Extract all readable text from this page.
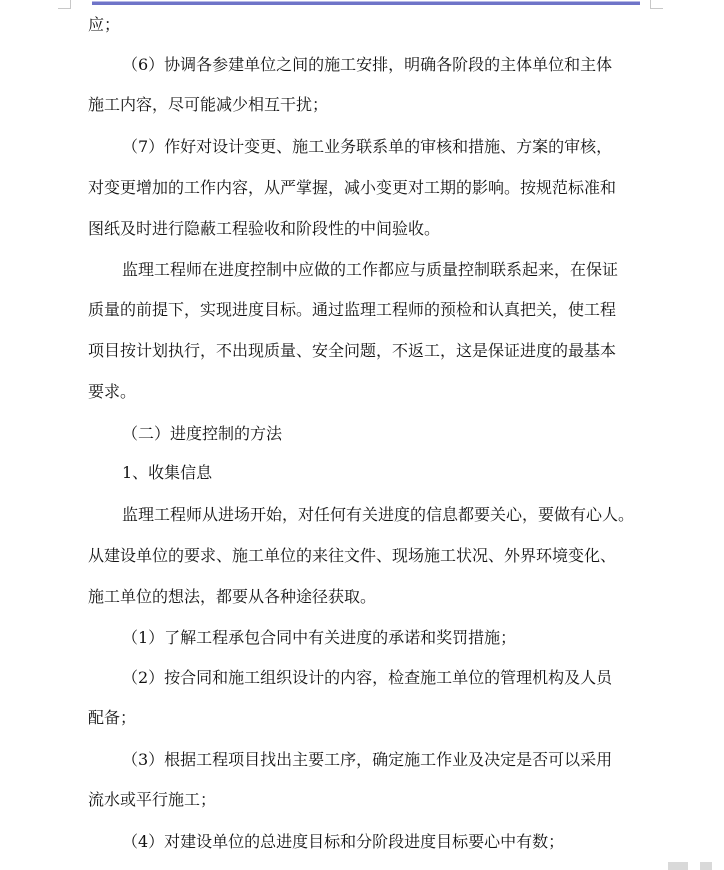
应；
（6）协调各参建单位之间的施工安排，明确各阶段的主体单位和主体
施工内容，尽可能减少相互干扰；
（7）作好对设计变更、施工业务联系单的审核和措施、方案的审核，
对变更增加的工作内容，从严掌握，减小变更对工期的影响。按规范标准和
图纸及时进行隐蔽工程验收和阶段性的中间验收。
监理工程师在进度控制中应做的工作都应与质量控制联系起来，在保证
质量的前提下，实现进度目标。通过监理工程师的预检和认真把关，使工程
项目按计划执行，不出现质量、安全问题，不返工，这是保证进度的最基本
要求。
（二）进度控制的方法
1、收集信息
监理工程师从进场开始，对任何有关进度的信息都要关心，要做有心人。
从建设单位的要求、施工单位的来往文件、现场施工状况、外界环境变化、
施工单位的想法，都要从各种途径获取。
（1）了解工程承包合同中有关进度的承诺和奖罚措施；
（2）按合同和施工组织设计的内容，检查施工单位的管理机构及人员
配备；
（3）根据工程项目找出主要工序，确定施工作业及决定是否可以采用
流水或平行施工；
（4）对建设单位的总进度目标和分阶段进度目标要心中有数；
